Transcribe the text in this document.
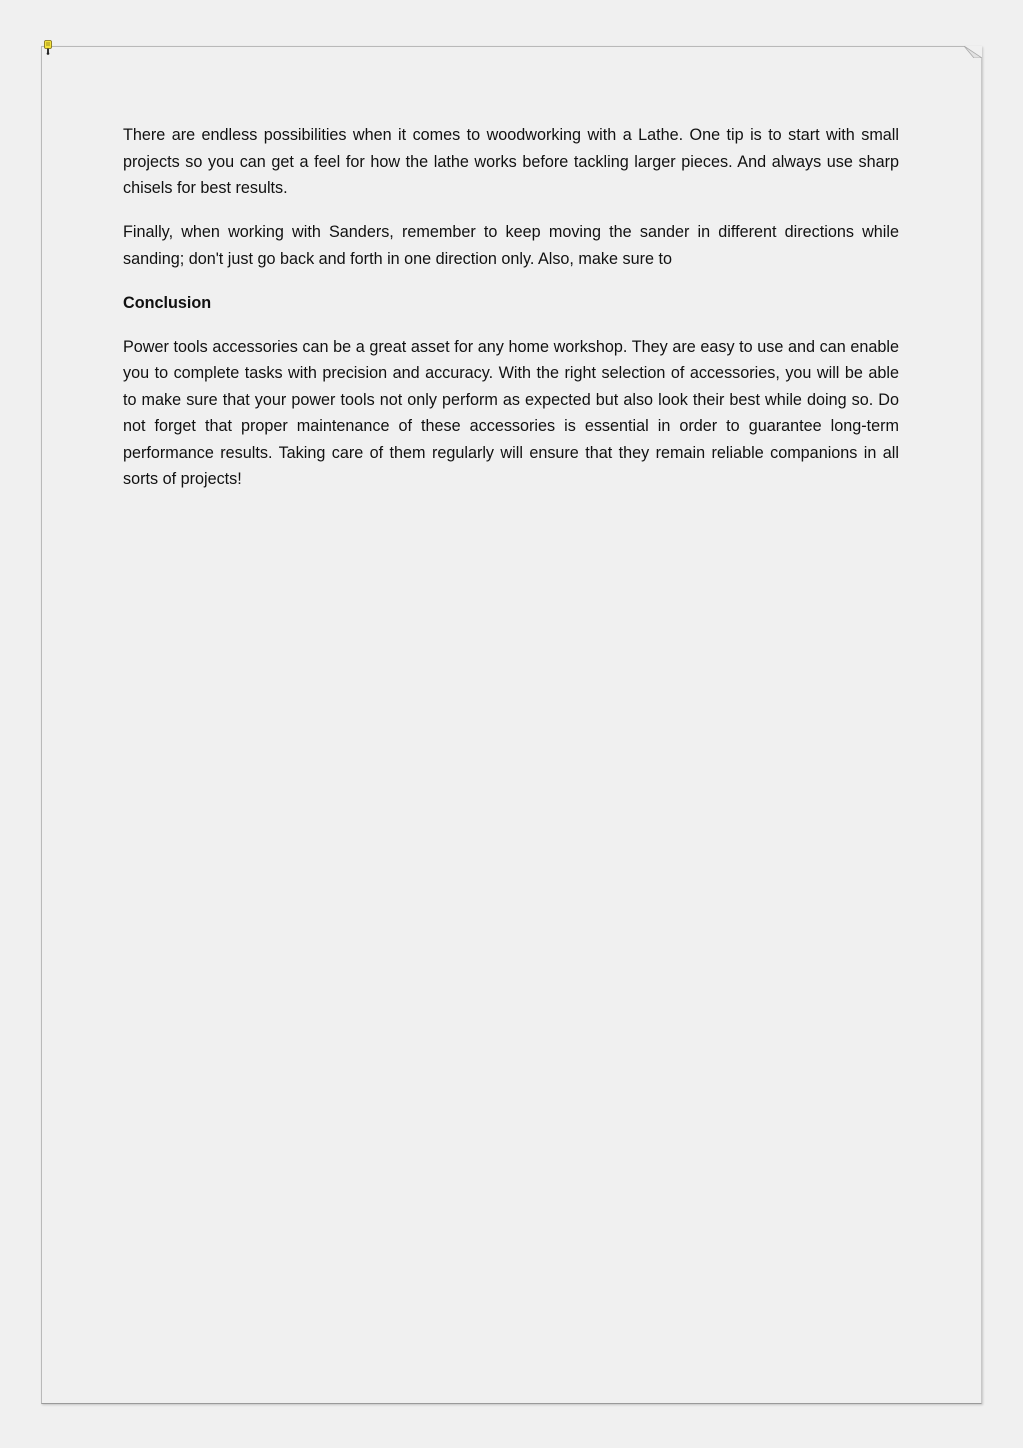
There are endless possibilities when it comes to woodworking with a Lathe. One tip is to start with small projects so you can get a feel for how the lathe works before tackling larger pieces. And always use sharp chisels for best results.

Finally, when working with Sanders, remember to keep moving the sander in different directions while sanding; don't just go back and forth in one direction only. Also, make sure to

Conclusion

Power tools accessories can be a great asset for any home workshop. They are easy to use and can enable you to complete tasks with precision and accuracy. With the right selection of accessories, you will be able to make sure that your power tools not only perform as expected but also look their best while doing so. Do not forget that proper maintenance of these accessories is essential in order to guarantee long-term performance results. Taking care of them regularly will ensure that they remain reliable companions in all sorts of projects!
